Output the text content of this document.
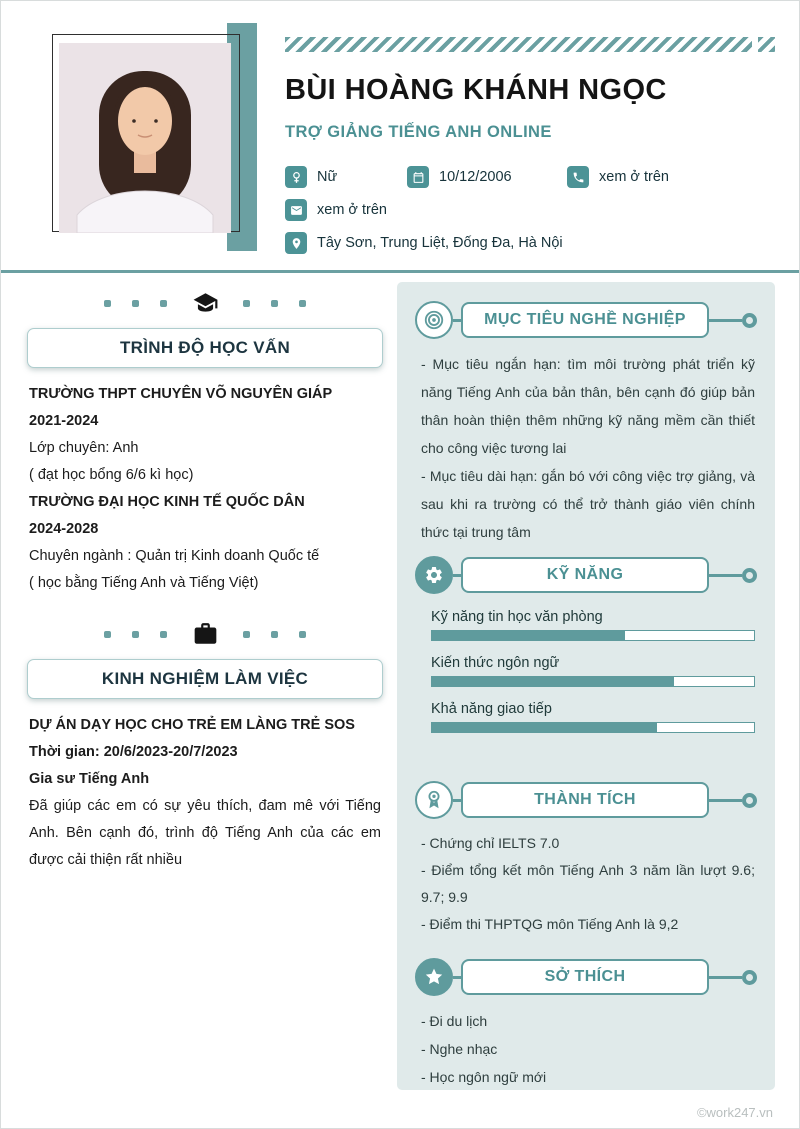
BÙI HOÀNG KHÁNH NGỌC
TRỢ GIẢNG TIẾNG ANH ONLINE
Nữ	10/12/2006	xem ở trên
xem ở trên
Tây Sơn, Trung Liệt, Đống Đa, Hà Nội
TRÌNH ĐỘ HỌC VẤN
TRƯỜNG THPT CHUYÊN VÕ NGUYÊN GIÁP
2021-2024
Lớp chuyên: Anh
( đạt học bổng 6/6 kì học)
TRƯỜNG ĐẠI HỌC KINH TẾ QUỐC DÂN
2024-2028
Chuyên ngành : Quản trị Kinh doanh Quốc tế
( học bằng Tiếng Anh và Tiếng Việt)
KINH NGHIỆM LÀM VIỆC
DỰ ÁN DẠY HỌC CHO TRẺ EM LÀNG TRẺ SOS
Thời gian: 20/6/2023-20/7/2023
Gia sư Tiếng Anh
Đã giúp các em có sự yêu thích, đam mê với Tiếng Anh. Bên cạnh đó, trình độ Tiếng Anh của các em được cải thiện rất nhiều
MỤC TIÊU NGHỀ NGHIỆP
- Mục tiêu ngắn hạn: tìm môi trường phát triển kỹ năng Tiếng Anh của bản thân, bên cạnh đó giúp bản thân hoàn thiện thêm những kỹ năng mềm cần thiết cho công việc tương lai
- Mục tiêu dài hạn: gắn bó với công việc trợ giảng, và sau khi ra trường có thể trở thành giáo viên chính thức tại trung tâm
KỸ NĂNG
Kỹ năng tin học văn phòng
Kiến thức ngôn ngữ
Khả năng giao tiếp
THÀNH TÍCH
- Chứng chỉ IELTS 7.0
- Điểm tổng kết môn Tiếng Anh 3 năm lần lượt 9.6; 9.7; 9.9
- Điểm thi THPTQG môn Tiếng Anh là 9,2
SỞ THÍCH
- Đi du lịch
- Nghe nhạc
- Học ngôn ngữ mới
©work247.vn
